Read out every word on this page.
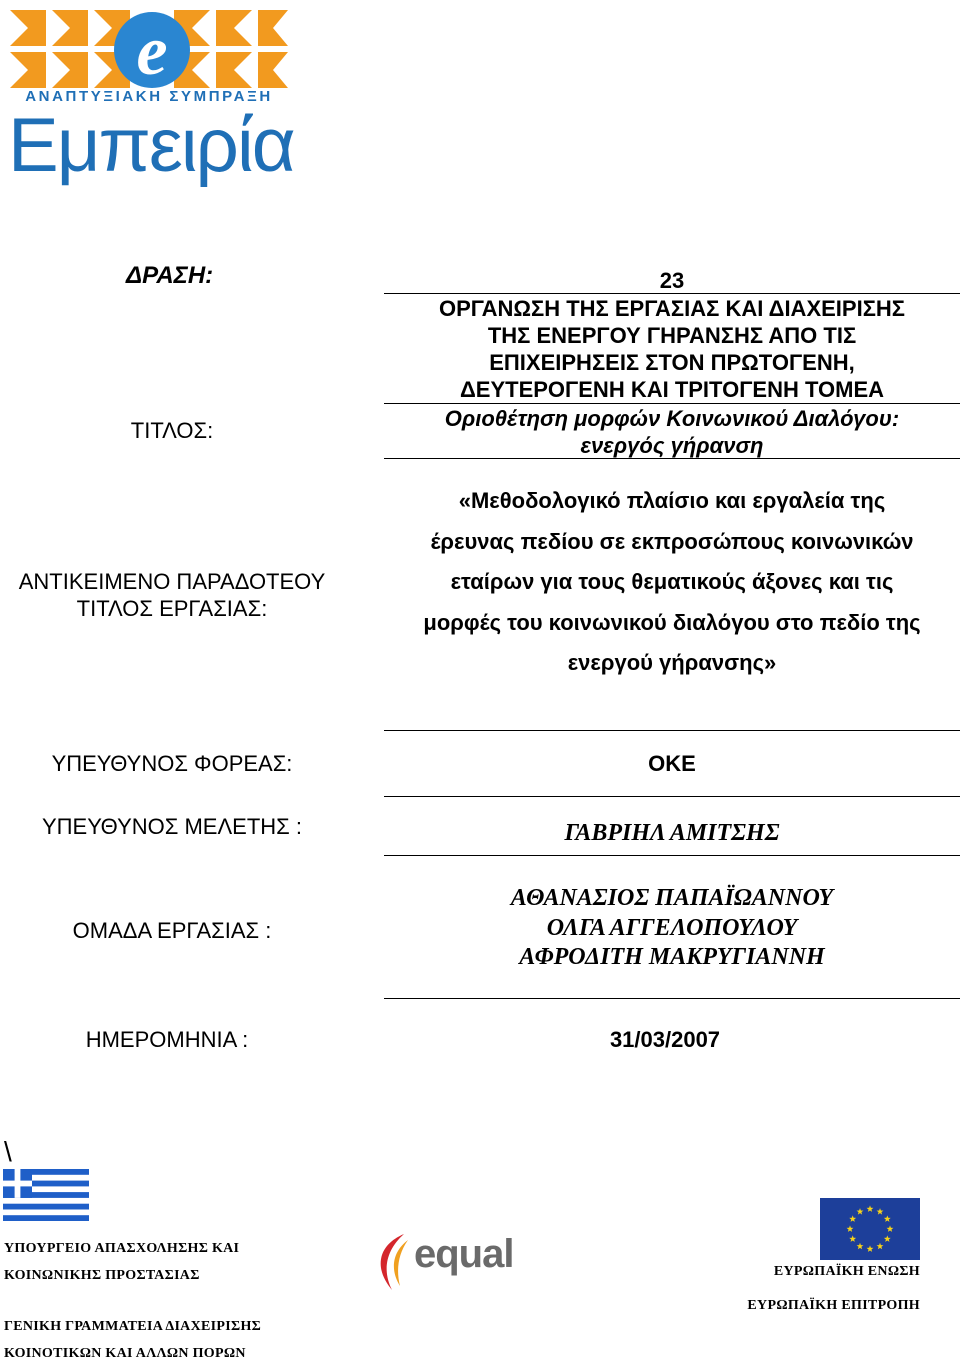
e
ΑΝΑΠΤΥΞΙΑΚΗ ΣΥΜΠΡΑΞΗ
Εμπειρία
ΔΡΑΣΗ:	23
ΟΡΓΑΝΩΣΗ ΤΗΣ ΕΡΓΑΣΙΑΣ ΚΑΙ ΔΙΑΧΕΙΡΙΣΗΣ
ΤΗΣ ΕΝΕΡΓΟΥ ΓΗΡΑΝΣΗΣ ΑΠΟ ΤΙΣ
ΕΠΙΧΕΙΡΗΣΕΙΣ ΣΤΟΝ ΠΡΩΤΟΓΕΝΗ,
ΔΕΥΤΕΡΟΓΕΝΗ ΚΑΙ ΤΡΙΤΟΓΕΝΗ ΤΟΜΕΑ
ΤΙΤΛΟΣ:	Οριοθέτηση μορφών Κοινωνικού Διαλόγου:
ενεργός γήρανση
ΑΝΤΙΚΕΙΜΕΝΟ ΠΑΡΑΔΟΤΕΟΥ
ΤΙΤΛΟΣ ΕΡΓΑΣΙΑΣ:
«Μεθοδολογικό πλαίσιο και εργαλεία της
έρευνας πεδίου σε εκπροσώπους κοινωνικών
εταίρων για τους θεματικούς άξονες και τις
μορφές του κοινωνικού διαλόγου στο πεδίο της
ενεργού γήρανσης»
ΥΠΕΥΘΥΝΟΣ ΦΟΡΕΑΣ:	ΟΚΕ
ΥΠΕΥΘΥΝΟΣ ΜΕΛΕΤΗΣ :	ΓΑΒΡΙΗΛ ΑΜΙΤΣΗΣ
ΟΜΑΔΑ ΕΡΓΑΣΙΑΣ :
ΑΘΑΝΑΣΙΟΣ ΠΑΠΑΪΩΑΝΝΟΥ
ΟΛΓΑ ΑΓΓΕΛΟΠΟΥΛΟΥ
ΑΦΡΟΔΙΤΗ ΜΑΚΡΥΓΙΑΝΝΗ
ΗΜΕΡΟΜΗΝΙΑ :	31/03/2007
\
ΥΠΟΥΡΓΕΙΟ ΑΠΑΣΧΟΛΗΣΗΣ ΚΑΙ
ΚΟΙΝΩΝΙΚΗΣ ΠΡΟΣΤΑΣΙΑΣ
ΓΕΝΙΚΗ ΓΡΑΜΜΑΤΕΙΑ ΔΙΑΧΕΙΡΙΣΗΣ
ΚΟΙΝΟΤΙΚΩΝ ΚΑΙ ΑΛΛΩΝ ΠΟΡΩΝ
equal	ΕΥΡΩΠΑΪΚΗ ΕΝΩΣΗ
ΕΥΡΩΠΑΪΚΗ ΕΠΙΤΡΟΠΗ
